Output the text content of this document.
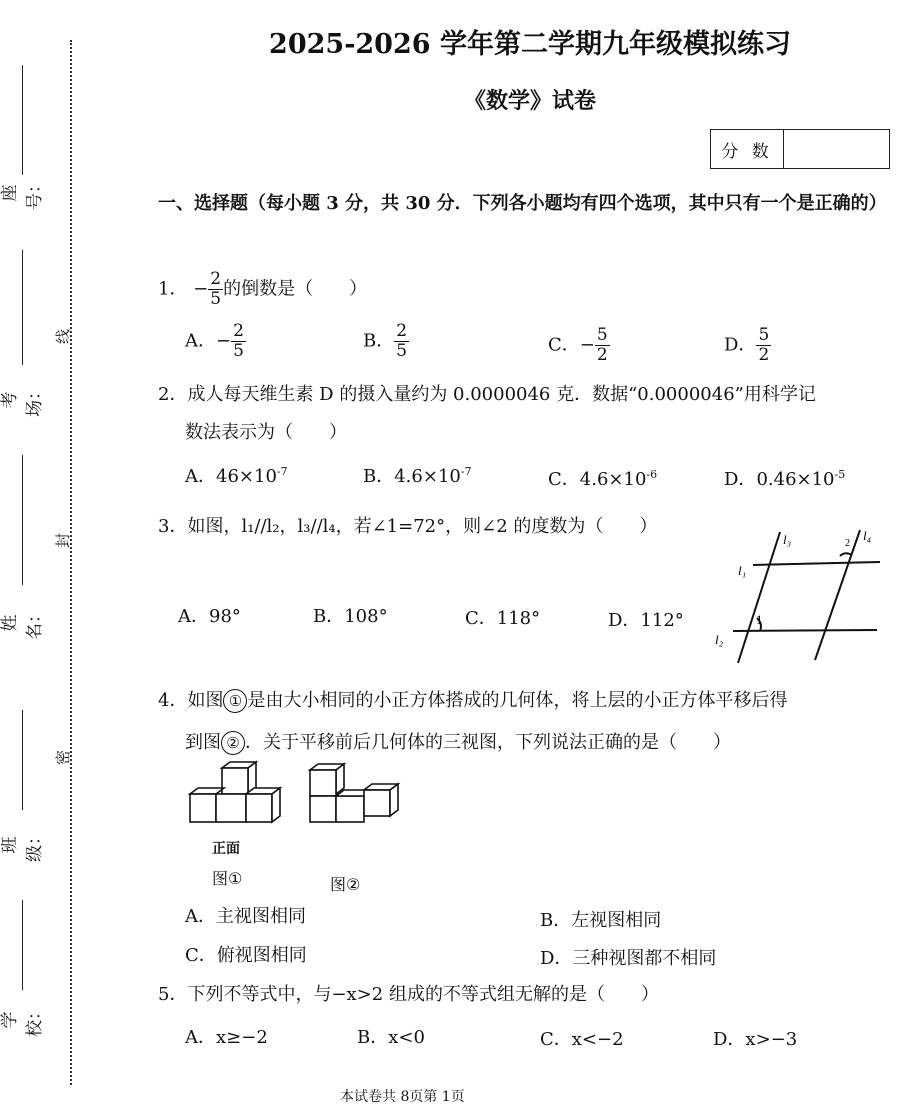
座号：
考场：
姓名：
班级：
学校：
线
封
密
2025-2026 学年第二学期九年级模拟练习
《数学》试卷
分 数
一、选择题（每小题 3 分，共 30 分．下列各小题均有四个选项，其中只有一个是正确的）
1． − $\frac{2}{5}$ 的倒数是（　　）
A．− $\frac{2}{5}$	B． $\frac{2}{5}$	C．− $\frac{5}{2}$	D． $\frac{5}{2}$
2．成人每天维生素 D 的摄入量约为 0.0000046 克．数据“0.0000046”用科学记
数法表示为（　　）
A．$46\times 10^{-7}$	B．$4.6\times 10^{-7}$	C．$4.6\times 10^{-6}$	D．$0.46\times 10^{-5}$
3．如图，l₁//l₂，l₃//l₄，若∠1=72°，则∠2 的度数为（　　）
A．98°	B．108°	C．118°	D．112°
l₃	l₄
l₁
l₂
1
2
4．如图 ① 是由大小相同的小正方体搭成的几何体，将上层的小正方体平移后得
到图 ② ．关于平移前后几何体的三视图，下列说法正确的是（　　）
正面
图①	图②
A．主视图相同	B．左视图相同
C．俯视图相同	D．三种视图都不相同
5．下列不等式中，与−x>2 组成的不等式组无解的是（　　）
A．x≥−2	B．x<0	C．x<−2	D．x>−3
本试卷共 8页第 1页
